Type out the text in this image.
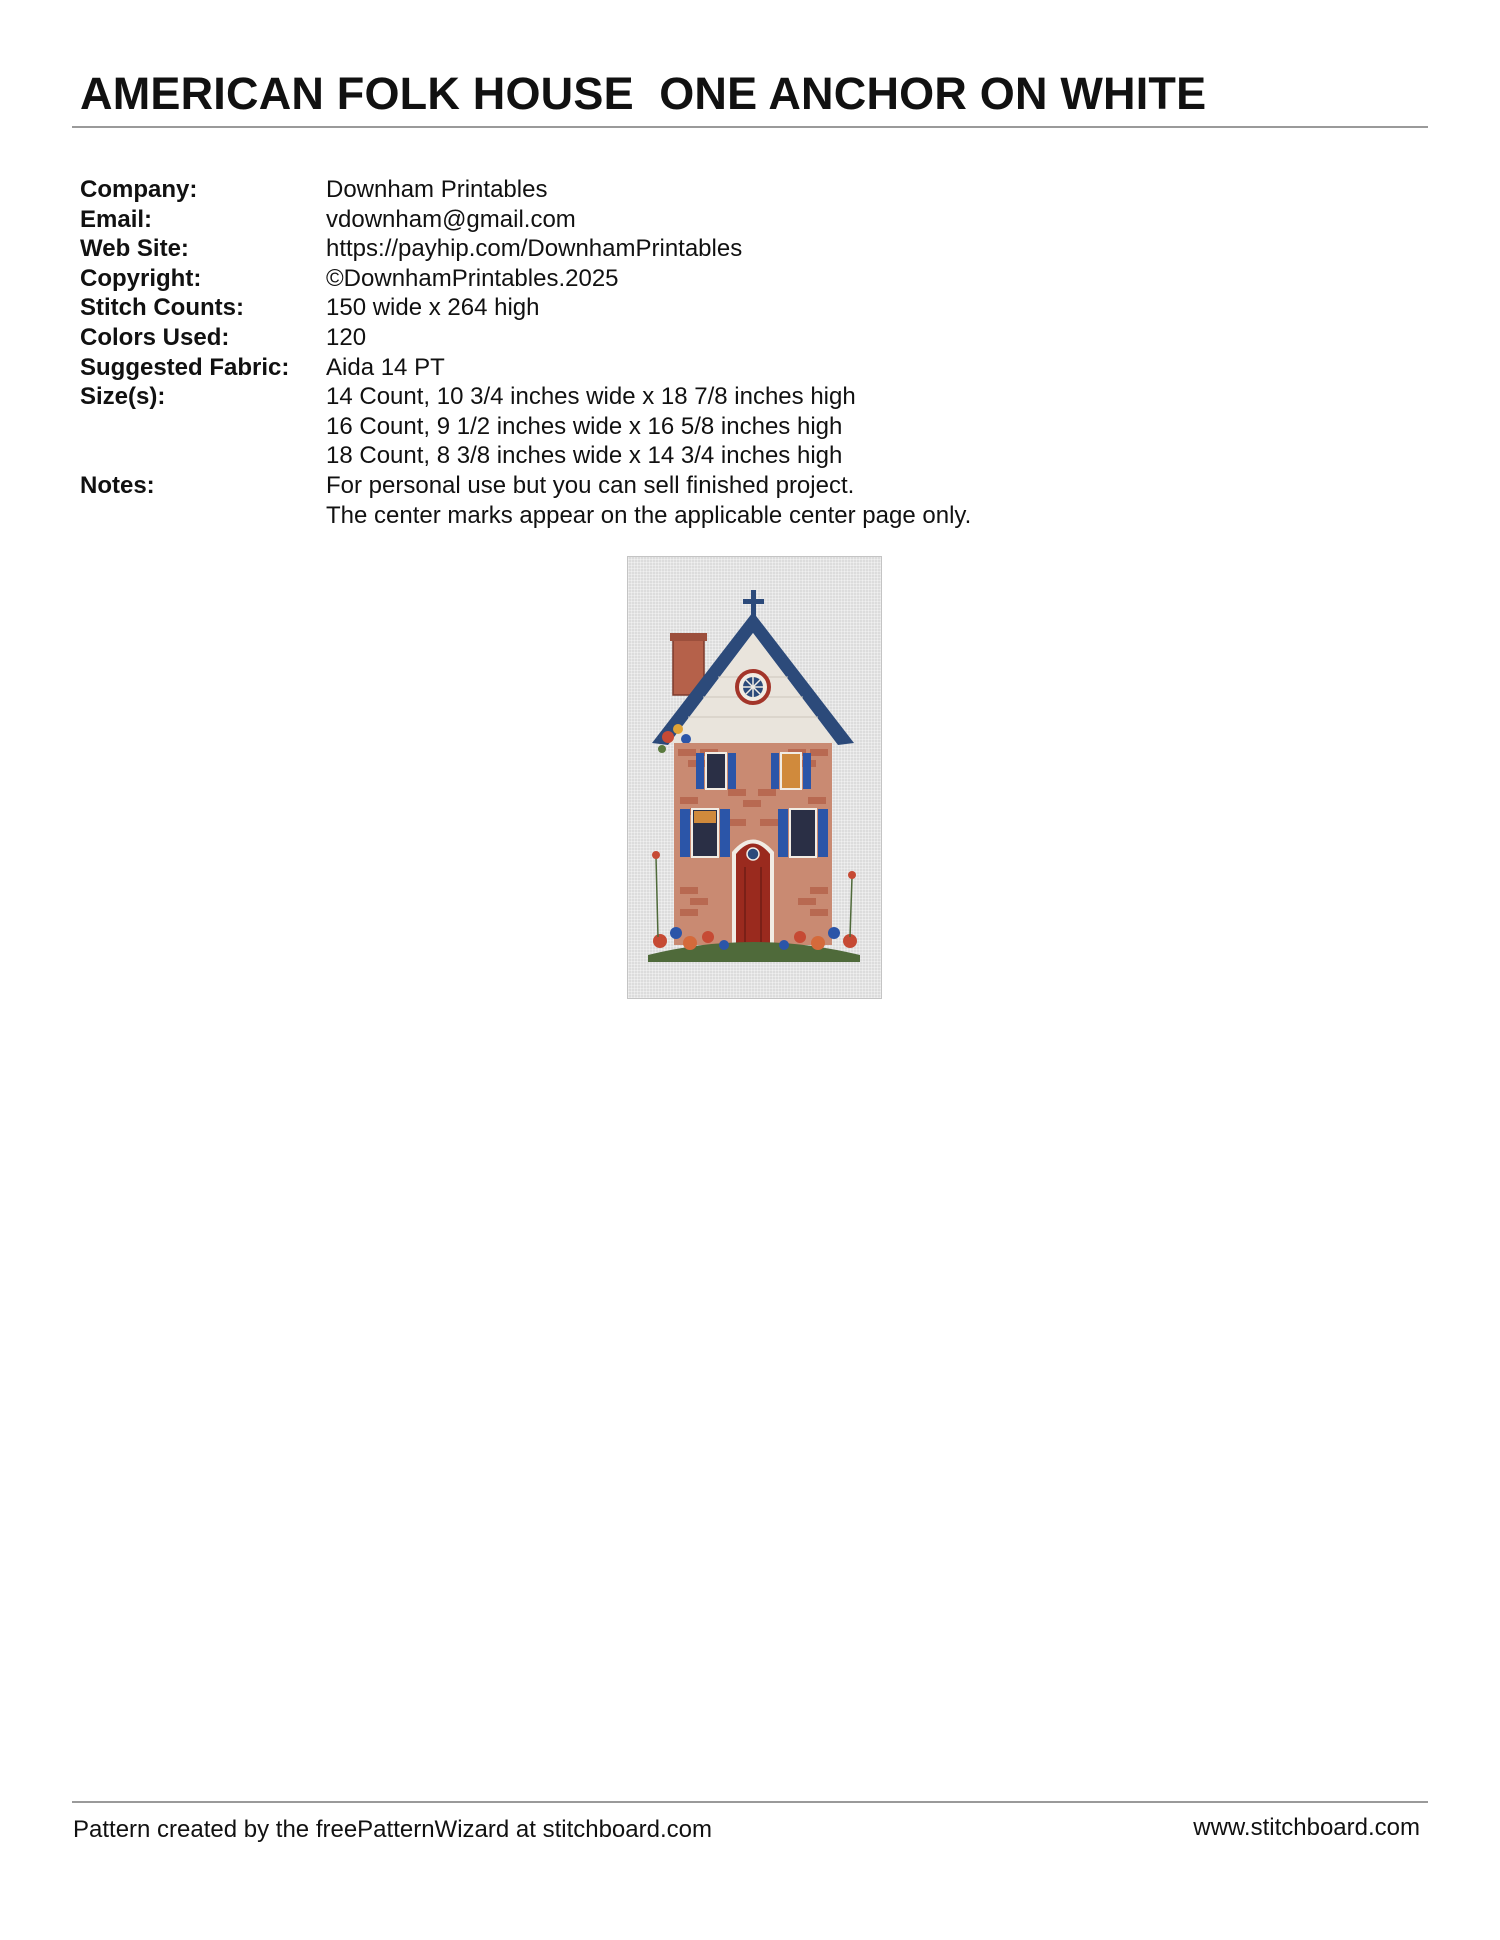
AMERICAN FOLK HOUSE  ONE ANCHOR ON WHITE
Company:	Downham Printables
Email:	vdownham@gmail.com
Web Site:	https://payhip.com/DownhamPrintables
Copyright:	©DownhamPrintables.2025
Stitch Counts:	150 wide x 264 high
Colors Used:	120
Suggested Fabric:	Aida 14 PT
Size(s):	14 Count, 10 3/4 inches wide x 18 7/8 inches high
16 Count, 9 1/2 inches wide x 16 5/8 inches high
18 Count, 8 3/8 inches wide x 14 3/4 inches high
Notes:	For personal use but you can sell finished project.
The center marks appear on the applicable center page only.
Pattern created by the freePatternWizard at stitchboard.com	www.stitchboard.com
